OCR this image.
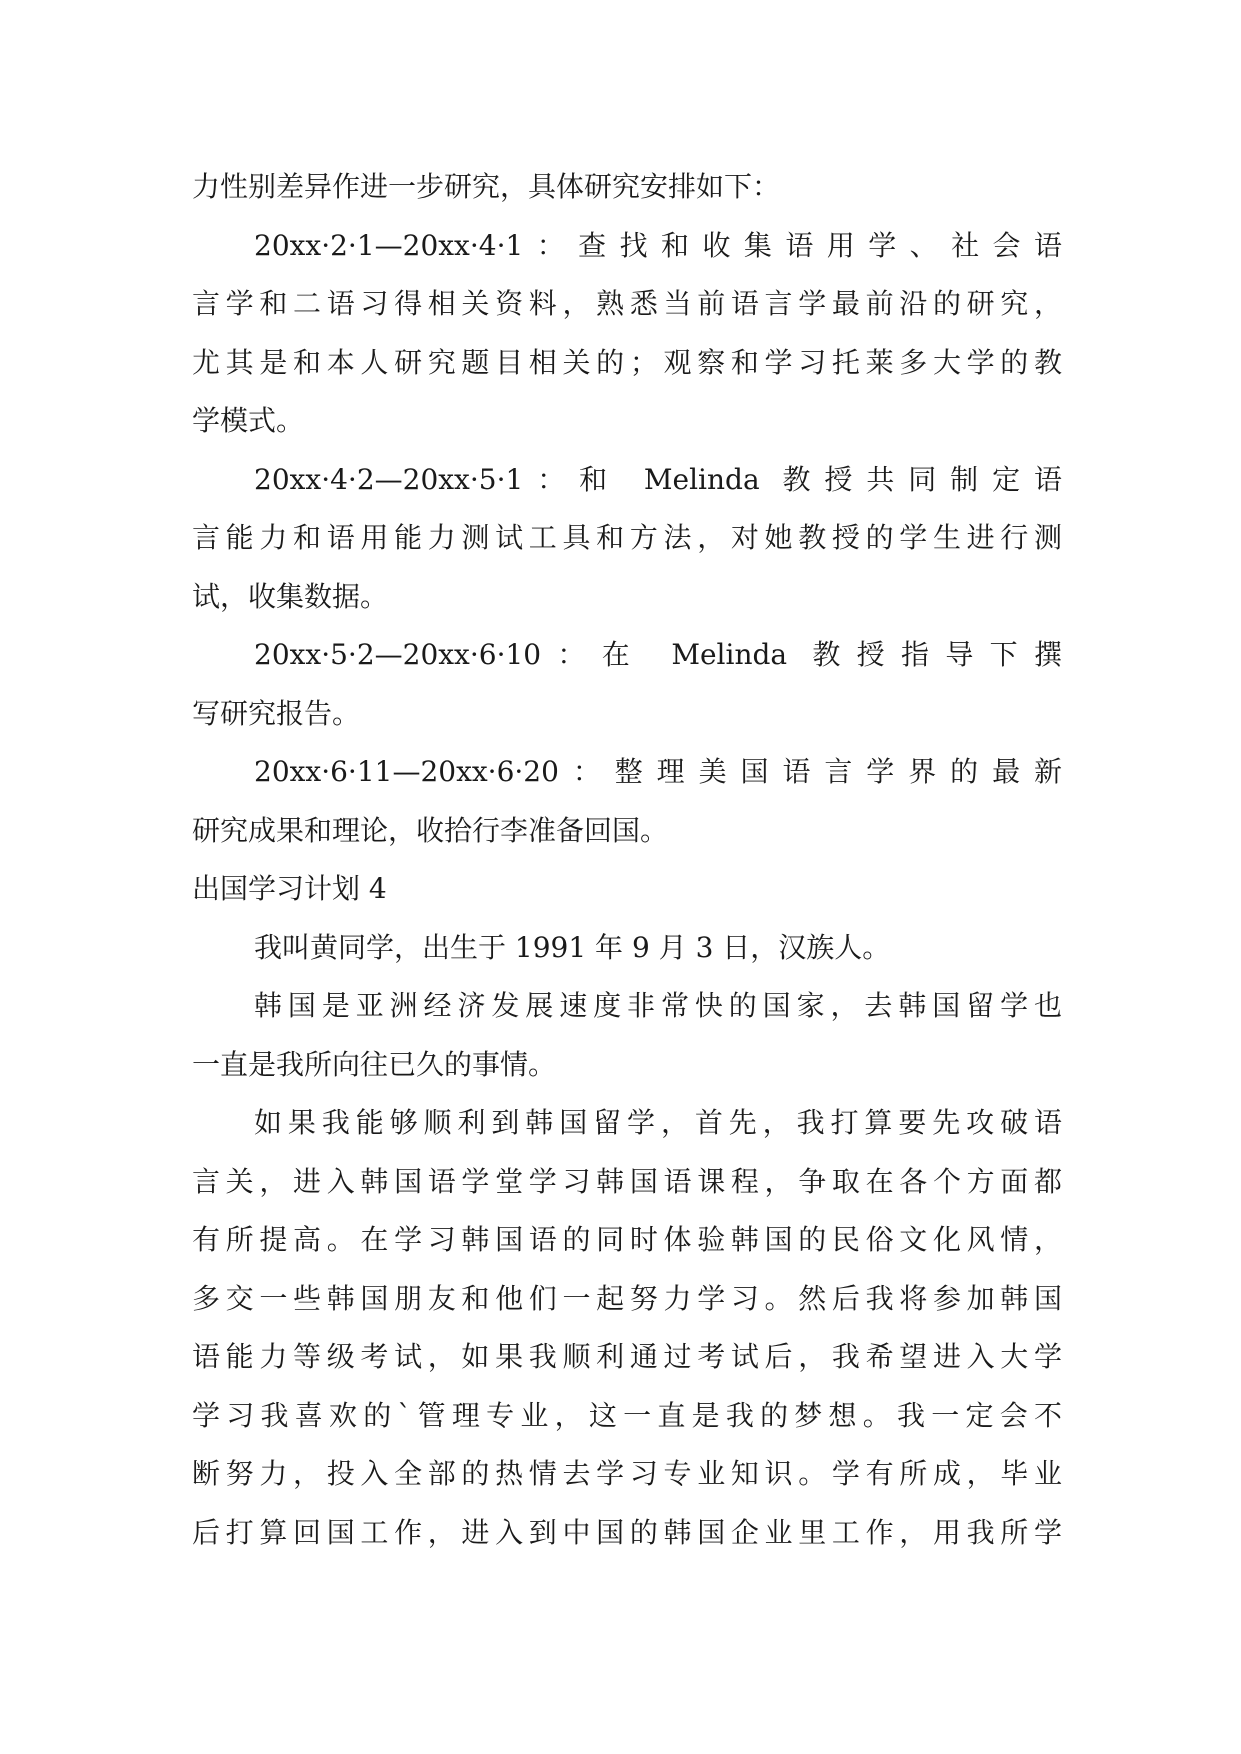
力性别差异作进一步研究，具体研究安排如下：
20xx·2·1—20xx·4·1：查找和收集语用学、社会语
言学和二语习得相关资料，熟悉当前语言学最前沿的研究，
尤其是和本人研究题目相关的；观察和学习托莱多大学的教
学模式。
20xx·4·2—20xx·5·1：和 Melinda 教授共同制定语
言能力和语用能力测试工具和方法，对她教授的学生进行测
试，收集数据。
20xx·5·2—20xx·6·10：在 Melinda 教授指导下撰
写研究报告。
20xx·6·11—20xx·6·20：整理美国语言学界的最新
研究成果和理论，收拾行李准备回国。
出国学习计划 4
我叫黄同学，出生于 1991 年 9 月 3 日，汉族人。
韩国是亚洲经济发展速度非常快的国家，去韩国留学也
一直是我所向往已久的事情。
如果我能够顺利到韩国留学，首先，我打算要先攻破语
言关，进入韩国语学堂学习韩国语课程，争取在各个方面都
有所提高。在学习韩国语的同时体验韩国的民俗文化风情，
多交一些韩国朋友和他们一起努力学习。然后我将参加韩国
语能力等级考试，如果我顺利通过考试后，我希望进入大学
学习我喜欢的`管理专业，这一直是我的梦想。我一定会不
断努力，投入全部的热情去学习专业知识。学有所成，毕业
后打算回国工作，进入到中国的韩国企业里工作，用我所学
